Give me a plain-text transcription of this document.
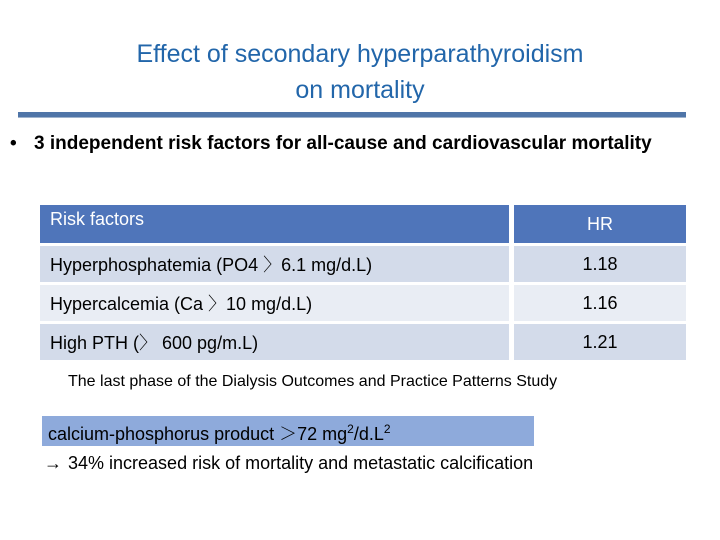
Effect of secondary hyperparathyroidism
on mortality
• 3 independent risk factors for all-cause and cardiovascular mortality
Risk factors	HR
Hyperphosphatemia (PO4 〉6.1 mg/d.L)	1.18
Hypercalcemia (Ca 〉10 mg/d.L)	1.16
High PTH (〉 600 pg/m.L)	1.21
The last phase of the Dialysis Outcomes and Practice Patterns Study
calcium-phosphorus product ＞72 $mg^2/d.L^2$
→ 34% increased risk of mortality and metastatic calcification
